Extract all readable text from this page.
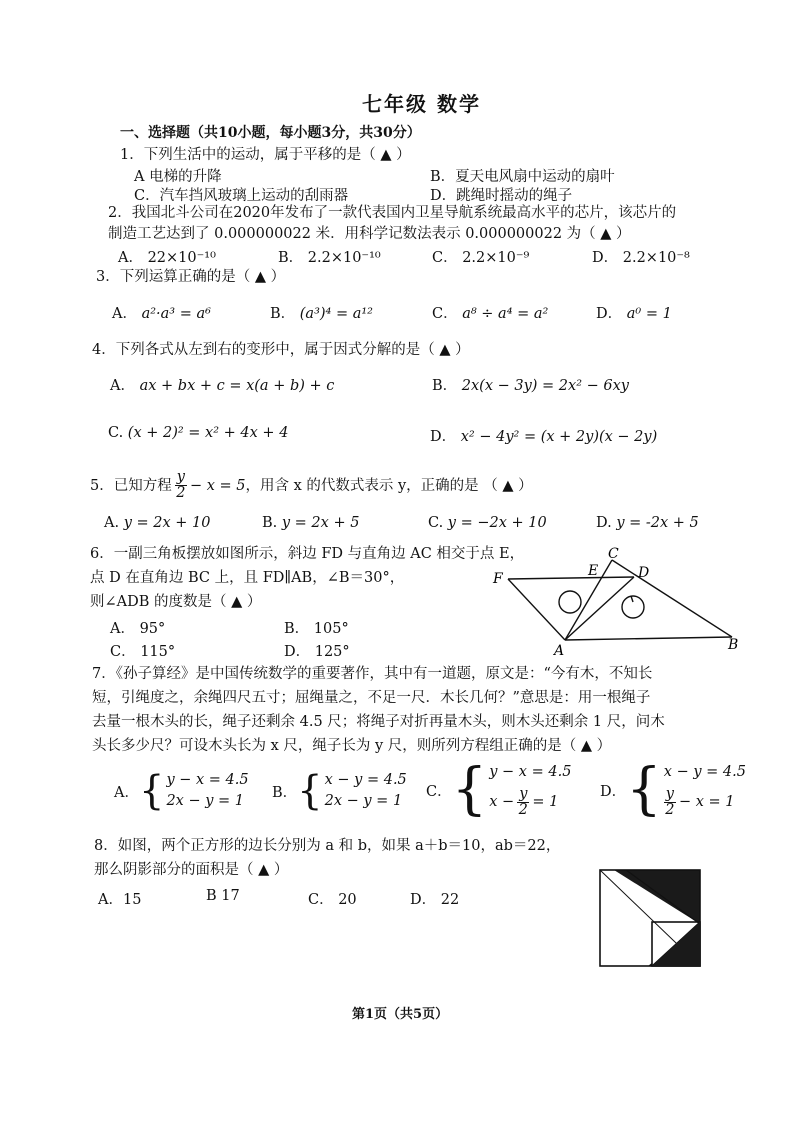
七年级 数学
一、选择题（共10小题，每小题3分，共30分）
1．下列生活中的运动，属于平移的是（ ▲ ）
A 电梯的升降	B．夏天电风扇中运动的扇叶
C．汽车挡风玻璃上运动的刮雨器	D．跳绳时摇动的绳子
2．我国北斗公司在2020年发布了一款代表国内卫星导航系统最高水平的芯片，该芯片的
制造工艺达到了 0.000000022 米．用科学记数法表示 0.000000022 为（ ▲ ）
A． 22×10⁻¹⁰	B． 2.2×10⁻¹⁰	C． 2.2×10⁻⁹	D． 2.2×10⁻⁸
3．下列运算正确的是（ ▲ ）
A． a²·a³ = a⁶	B． (a³)⁴ = a¹²	C． a⁸ ÷ a⁴ = a²	D． a⁰ = 1
4．下列各式从左到右的变形中，属于因式分解的是（ ▲ ）
A． ax + bx + c = x(a + b) + c	B． 2x(x − 3y) = 2x² − 6xy
C. (x + 2)² = x² + 4x + 4	D． x² − 4y² = (x + 2y)(x − 2y)
5．已知方程 $\frac{y}{2} - x = 5$ ，用含 x 的代数式表示 y，正确的是 （ ▲ ）
A. y = 2x + 10	B. y = 2x + 5	C. y = −2x + 10	D. y = -2x + 5
6．一副三角板摆放如图所示，斜边 FD 与直角边 AC 相交于点 E，
点 D 在直角边 BC 上，且 FD∥AB，∠B＝30°，
则∠ADB 的度数是（ ▲ ）
A． 95°	B． 105°
C． 115°	D． 125°
C
E	D
F
A	B
7．《孙子算经》是中国传统数学的重要著作，其中有一道题，原文是：“今有木，不知长
短，引绳度之，余绳四尺五寸；屈绳量之，不足一尺．木长几何？”意思是：用一根绳子
去量一根木头的长，绳子还剩余 4.5 尺；将绳子对折再量木头，则木头还剩余 1 尺，问木
头长多少尺？可设木头长为 x 尺，绳子长为 y 尺，则所列方程组正确的是（ ▲ ）
A． { y − x = 4.5
2x − y = 1
B． { x − y = 4.5
2x − y = 1
C． { y − x = 4.5
$x - \frac{y}{2} = 1$
D． { x − y = 4.5
$\frac{y}{2} - x = 1$
8．如图，两个正方形的边长分别为 a 和 b，如果 a＋b＝10，ab＝22，
那么阴影部分的面积是（ ▲ ）
A．15	B 17	C． 20	D． 22
第1页（共5页）
